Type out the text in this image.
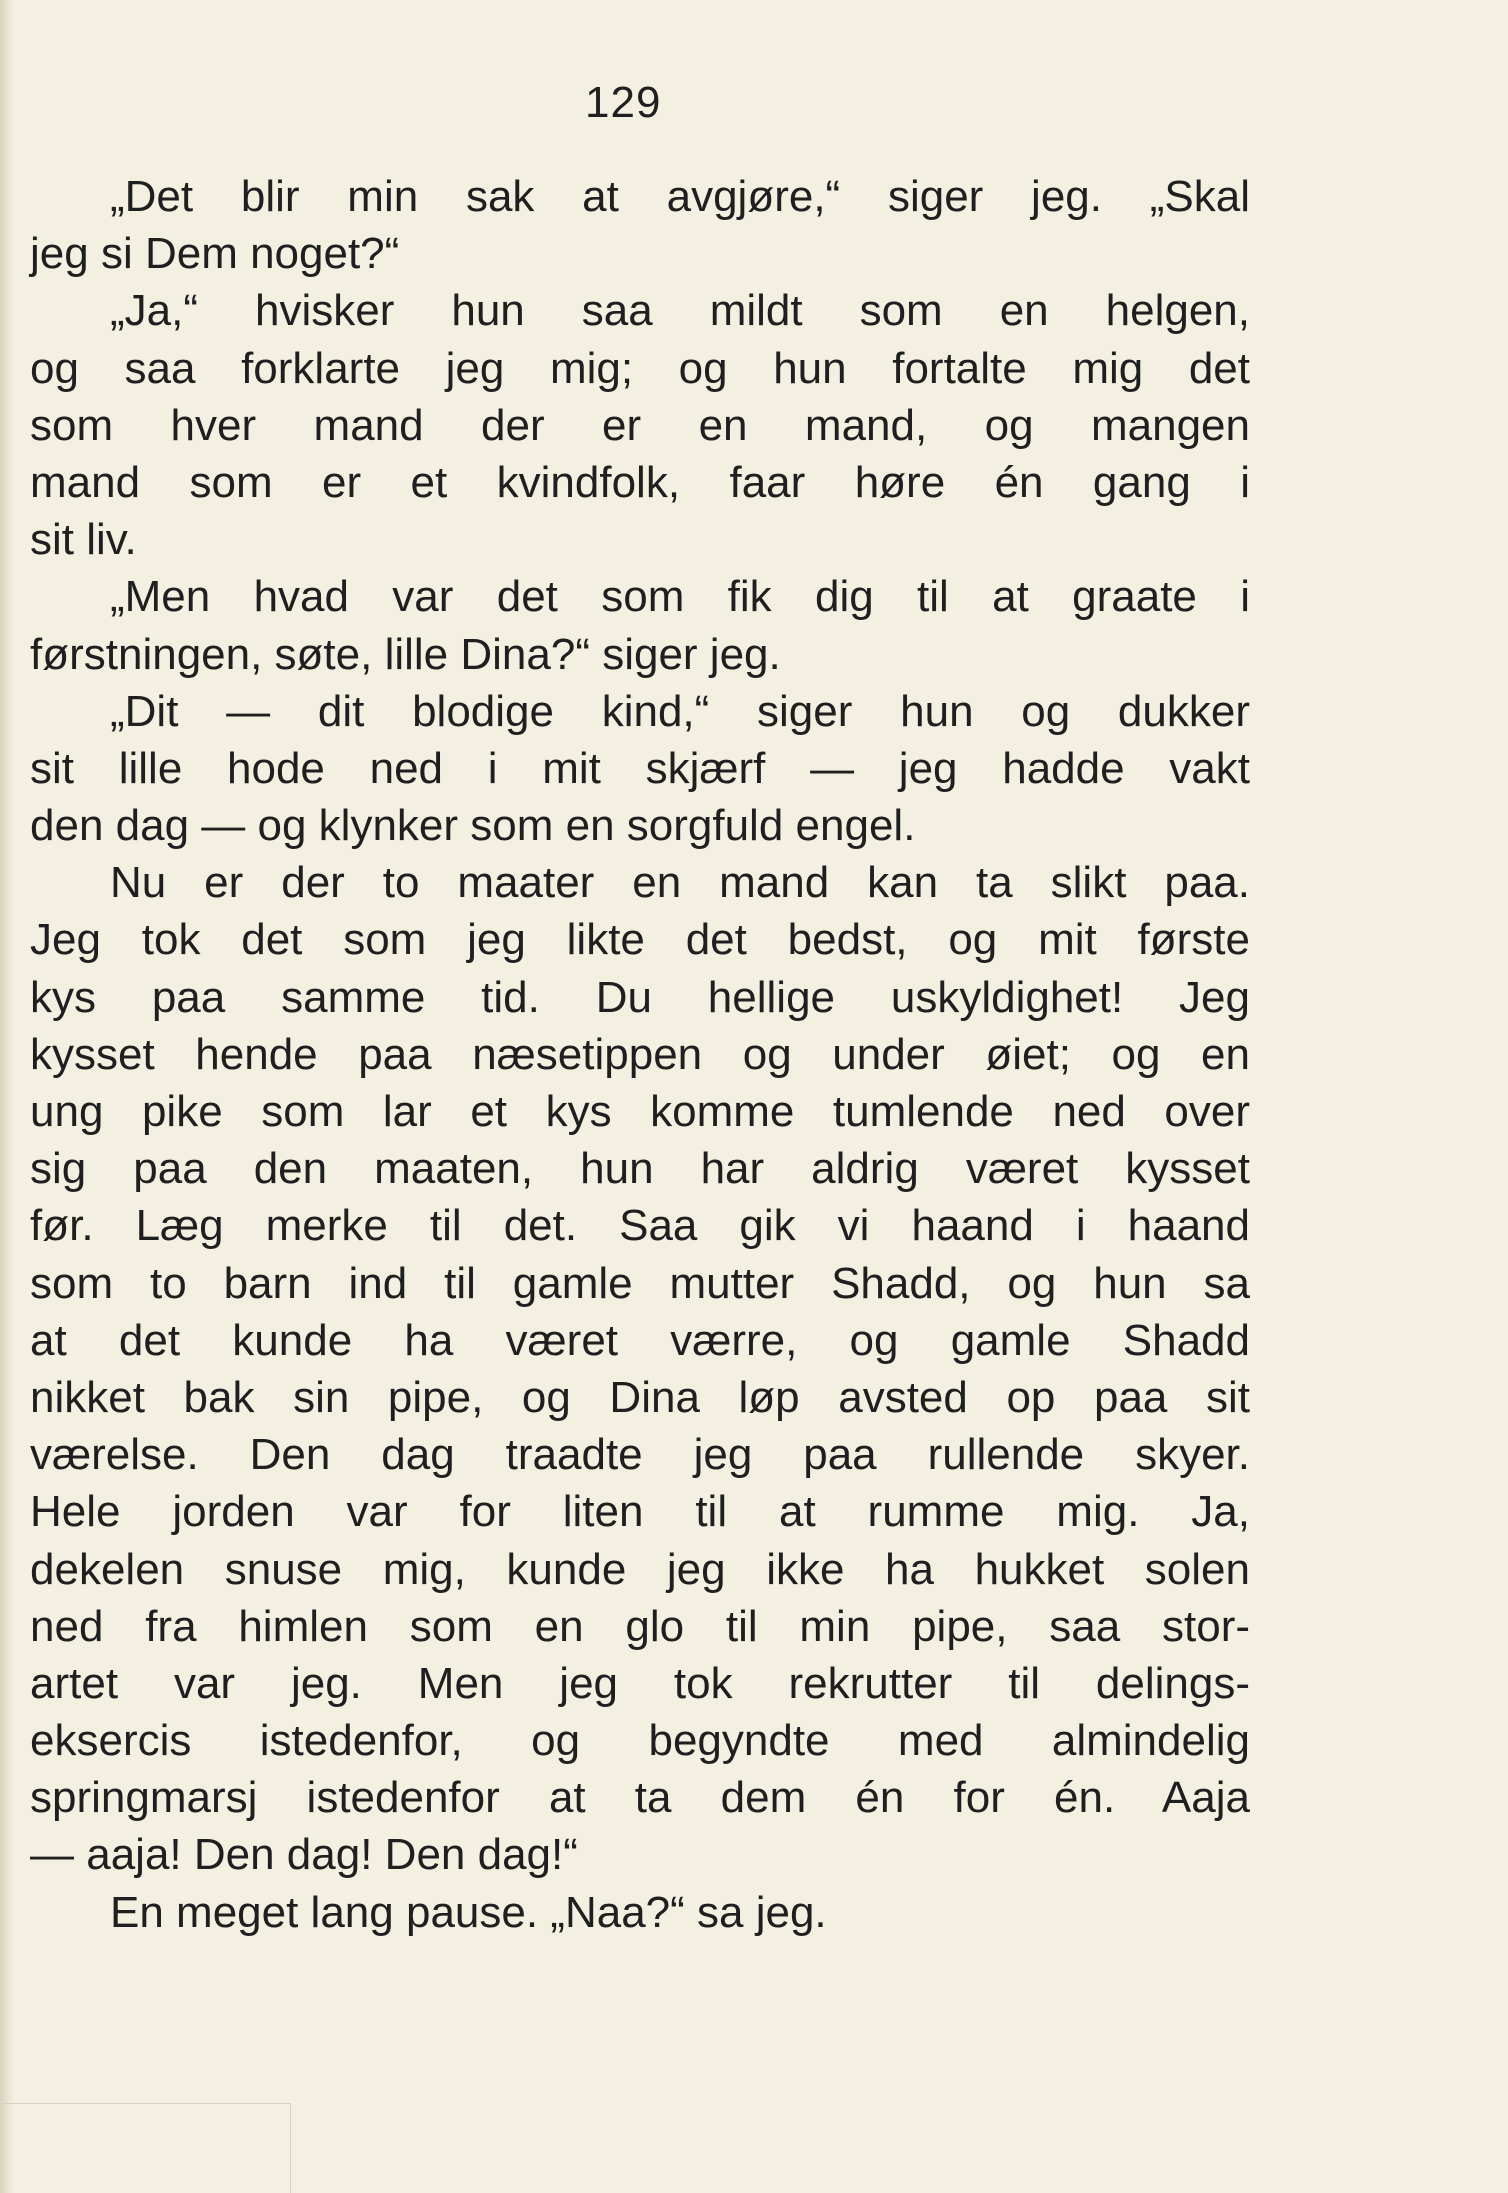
129
„Det blir min sak at avgjøre,“ siger jeg. „Skal
jeg si Dem noget?“
„Ja,“ hvisker hun saa mildt som en helgen,
og saa forklarte jeg mig; og hun fortalte mig det
som hver mand der er en mand, og mangen
mand som er et kvindfolk, faar høre én gang i
sit liv.
„Men hvad var det som fik dig til at graate i
førstningen, søte, lille Dina?“ siger jeg.
„Dit — dit blodige kind,“ siger hun og dukker
sit lille hode ned i mit skjærf — jeg hadde vakt
den dag — og klynker som en sorgfuld engel.
Nu er der to maater en mand kan ta slikt paa.
Jeg tok det som jeg likte det bedst, og mit første
kys paa samme tid. Du hellige uskyldighet! Jeg
kysset hende paa næsetippen og under øiet; og en
ung pike som lar et kys komme tumlende ned over
sig paa den maaten, hun har aldrig været kysset
før. Læg merke til det. Saa gik vi haand i haand
som to barn ind til gamle mutter Shadd, og hun sa
at det kunde ha været værre, og gamle Shadd
nikket bak sin pipe, og Dina løp avsted op paa sit
værelse. Den dag traadte jeg paa rullende skyer.
Hele jorden var for liten til at rumme mig. Ja,
dekelen snuse mig, kunde jeg ikke ha hukket solen
ned fra himlen som en glo til min pipe, saa stor-
artet var jeg. Men jeg tok rekrutter til delings-
eksercis istedenfor, og begyndte med almindelig
springmarsj istedenfor at ta dem én for én. Aaja
— aaja! Den dag! Den dag!“
En meget lang pause. „Naa?“ sa jeg.
